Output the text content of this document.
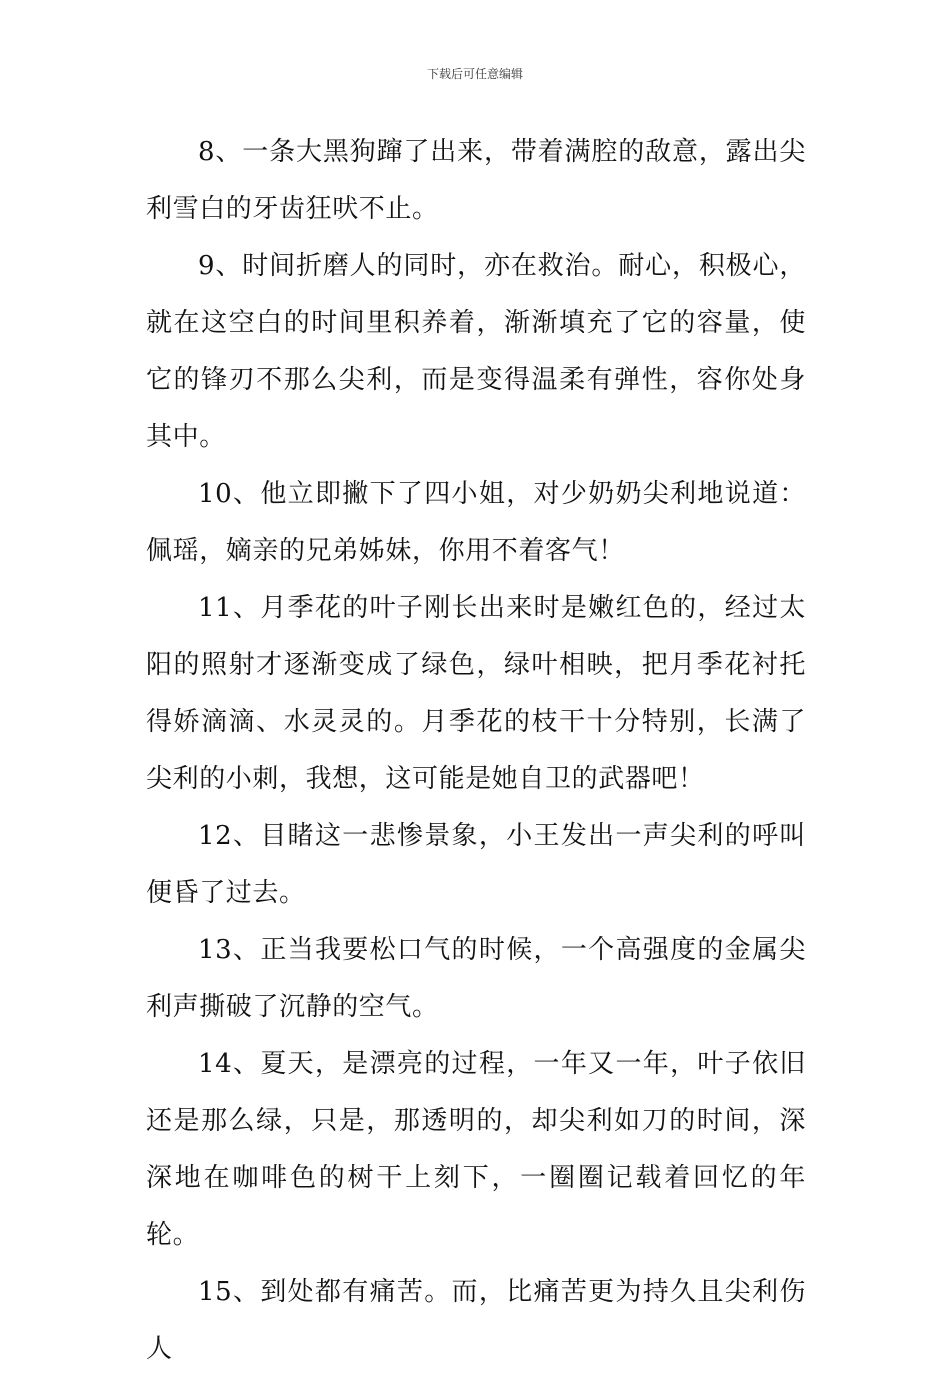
下载后可任意编辑

8、一条大黑狗蹿了出来，带着满腔的敌意，露出尖利雪白的牙齿狂吠不止。

9、时间折磨人的同时，亦在救治。耐心，积极心，就在这空白的时间里积养着，渐渐填充了它的容量，使它的锋刃不那么尖利，而是变得温柔有弹性，容你处身其中。

10、他立即撇下了四小姐，对少奶奶尖利地说道：佩瑶，嫡亲的兄弟姊妹，你用不着客气！

11、月季花的叶子刚长出来时是嫩红色的，经过太阳的照射才逐渐变成了绿色，绿叶相映，把月季花衬托得娇滴滴、水灵灵的。月季花的枝干十分特别，长满了尖利的小刺，我想，这可能是她自卫的武器吧！

12、目睹这一悲惨景象，小王发出一声尖利的呼叫便昏了过去。

13、正当我要松口气的时候，一个高强度的金属尖利声撕破了沉静的空气。

14、夏天，是漂亮的过程，一年又一年，叶子依旧还是那么绿，只是，那透明的，却尖利如刀的时间，深深地在咖啡色的树干上刻下，一圈圈记载着回忆的年轮。

15、到处都有痛苦。而，比痛苦更为持久且尖利伤人
